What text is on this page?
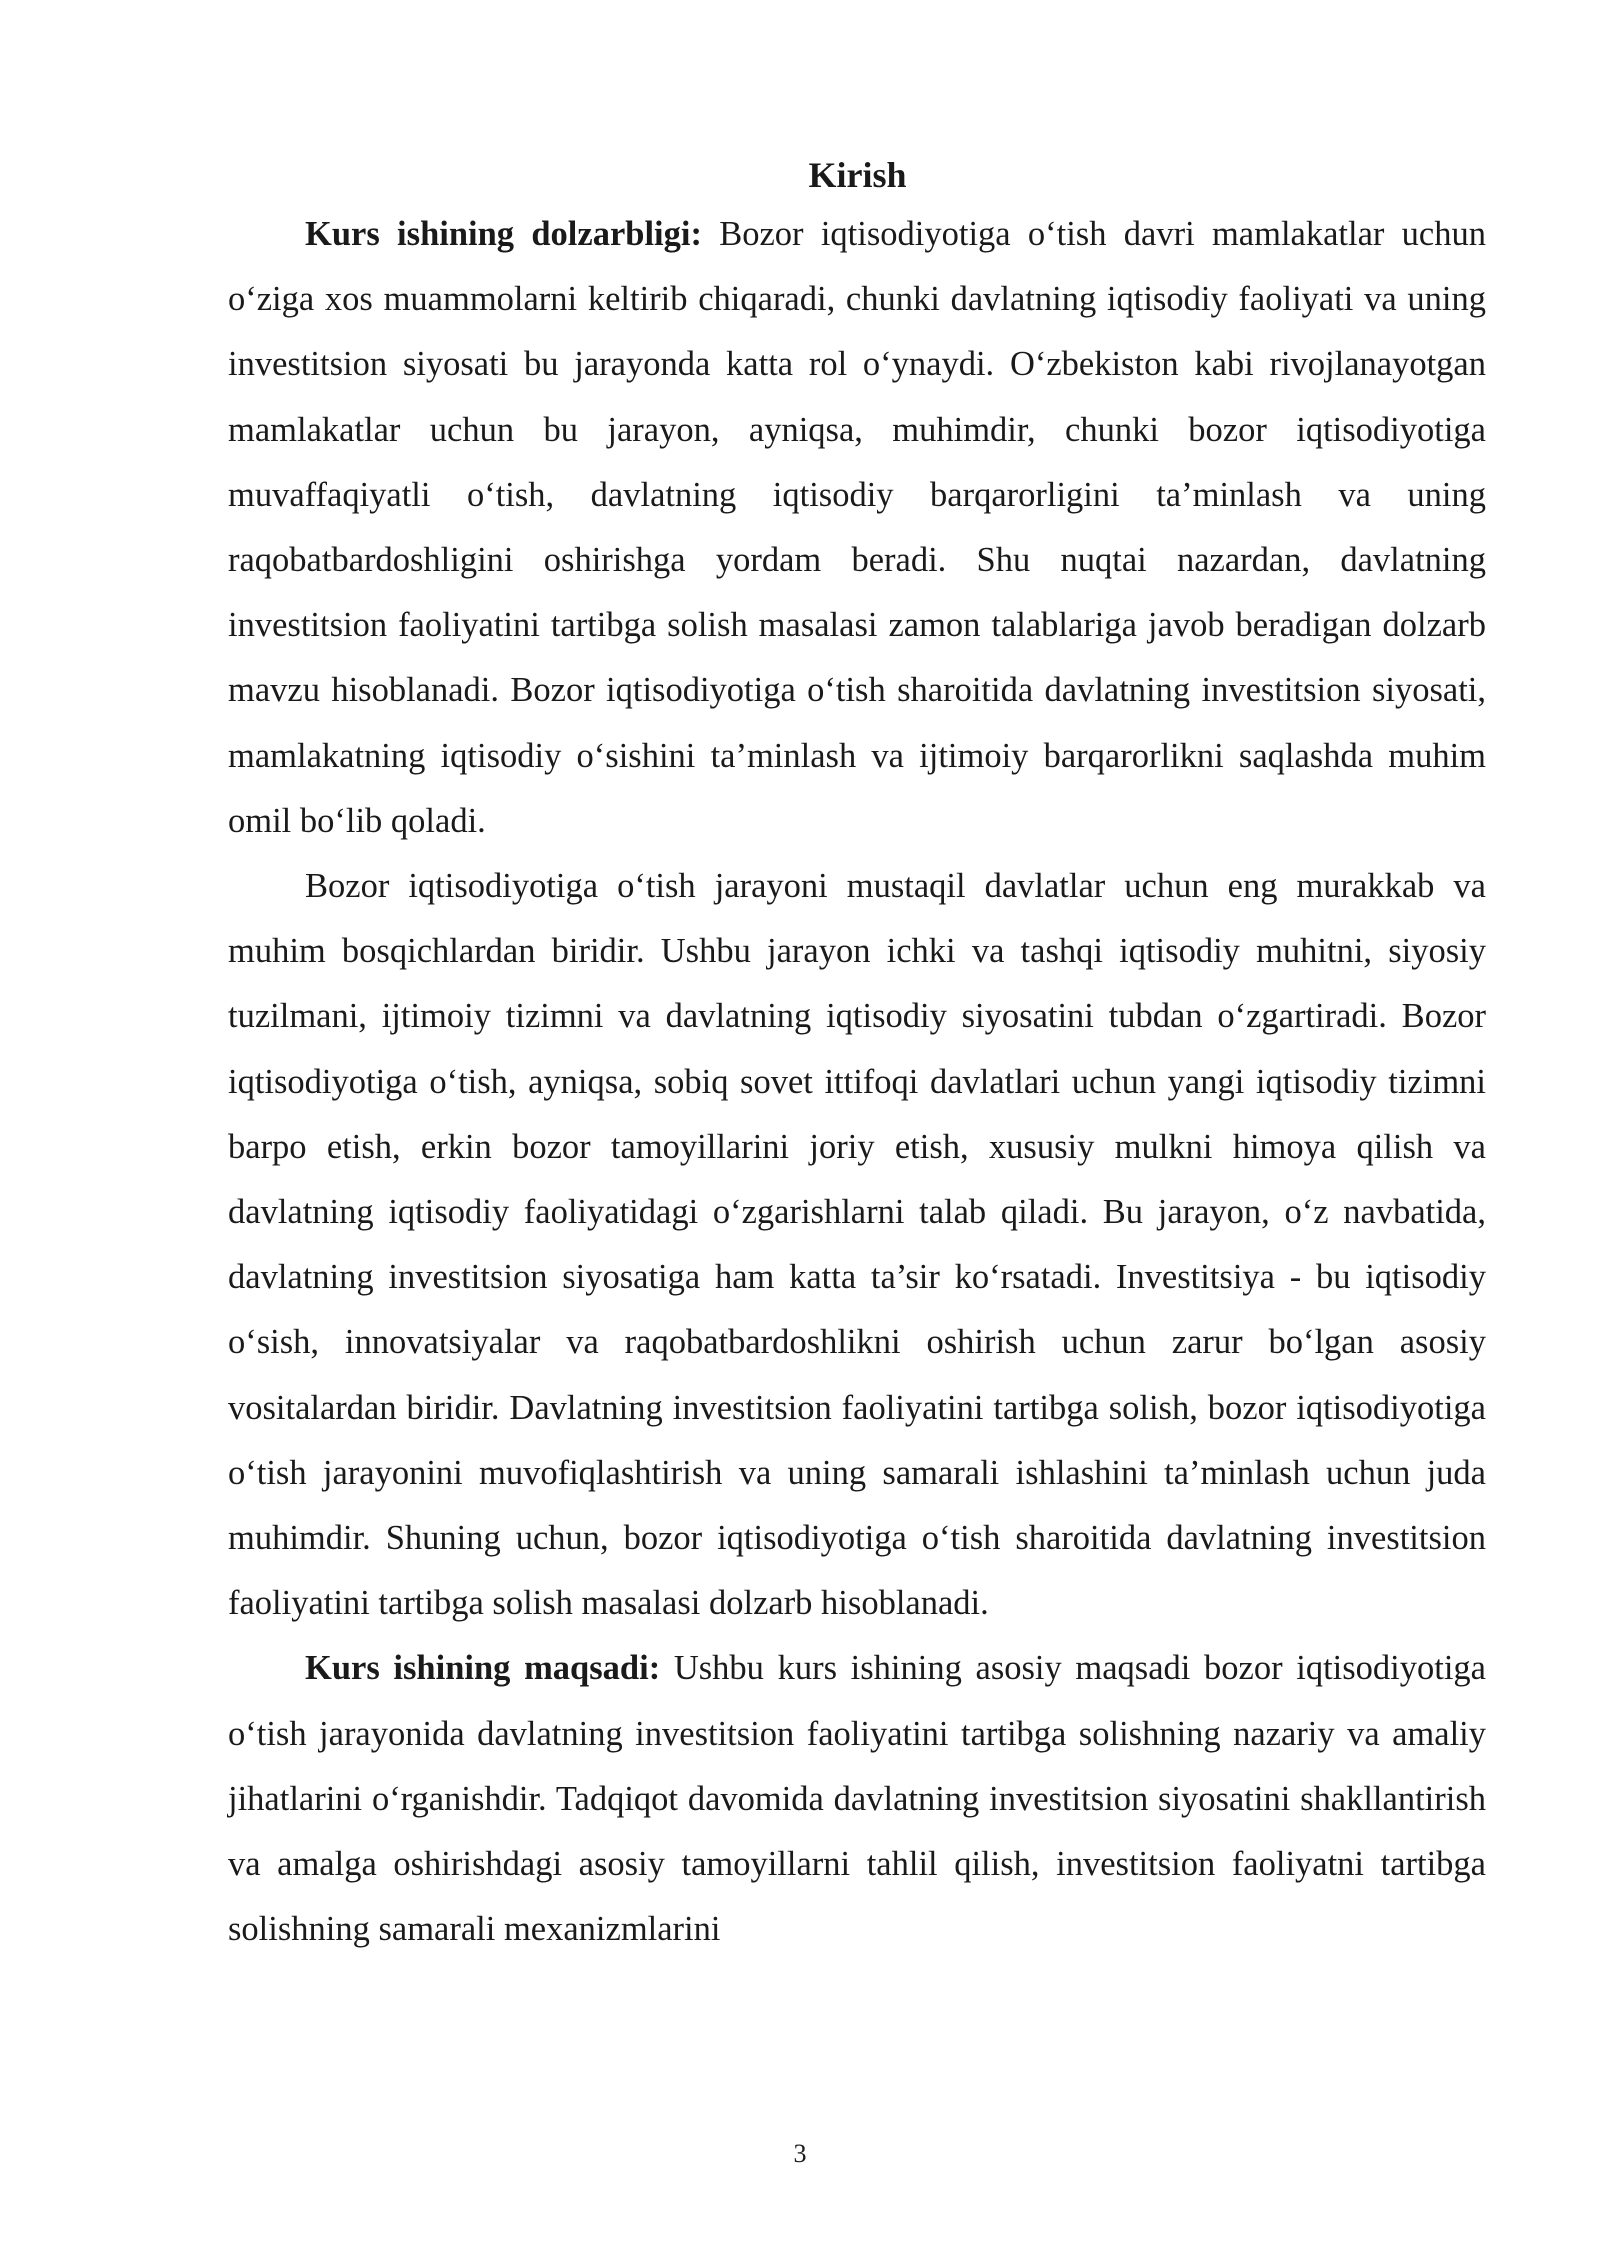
Kirish

Kurs ishining dolzarbligi: Bozor iqtisodiyotiga o‘tish davri mamlakatlar uchun o‘ziga xos muammolarni keltirib chiqaradi, chunki davlatning iqtisodiy faoliyati va uning investitsion siyosati bu jarayonda katta rol o‘ynaydi. O‘zbekiston kabi rivojlanayotgan mamlakatlar uchun bu jarayon, ayniqsa, muhimdir, chunki bozor iqtisodiyotiga muvaffaqiyatli o‘tish, davlatning iqtisodiy barqarorligini ta’minlash va uning raqobatbardoshligini oshirishga yordam beradi. Shu nuqtai nazardan, davlatning investitsion faoliyatini tartibga solish masalasi zamon talablariga javob beradigan dolzarb mavzu hisoblanadi. Bozor iqtisodiyotiga o‘tish sharoitida davlatning investitsion siyosati, mamlakatning iqtisodiy o‘sishini ta’minlash va ijtimoiy barqarorlikni saqlashda muhim omil bo‘lib qoladi.

Bozor iqtisodiyotiga o‘tish jarayoni mustaqil davlatlar uchun eng murakkab va muhim bosqichlardan biridir. Ushbu jarayon ichki va tashqi iqtisodiy muhitni, siyosiy tuzilmani, ijtimoiy tizimni va davlatning iqtisodiy siyosatini tubdan o‘zgartiradi. Bozor iqtisodiyotiga o‘tish, ayniqsa, sobiq sovet ittifoqi davlatlari uchun yangi iqtisodiy tizimni barpo etish, erkin bozor tamoyillarini joriy etish, xususiy mulkni himoya qilish va davlatning iqtisodiy faoliyatidagi o‘zgarishlarni talab qiladi. Bu jarayon, o‘z navbatida, davlatning investitsion siyosatiga ham katta ta’sir ko‘rsatadi. Investitsiya - bu iqtisodiy o‘sish, innovatsiyalar va raqobatbardoshlikni oshirish uchun zarur bo‘lgan asosiy vositalardan biridir. Davlatning investitsion faoliyatini tartibga solish, bozor iqtisodiyotiga o‘tish jarayonini muvofiqlashtirish va uning samarali ishlashini ta’minlash uchun juda muhimdir. Shuning uchun, bozor iqtisodiyotiga o‘tish sharoitida davlatning investitsion faoliyatini tartibga solish masalasi dolzarb hisoblanadi.

Kurs ishining maqsadi: Ushbu kurs ishining asosiy maqsadi bozor iqtisodiyotiga o‘tish jarayonida davlatning investitsion faoliyatini tartibga solishning nazariy va amaliy jihatlarini o‘rganishdir. Tadqiqot davomida davlatning investitsion siyosatini shakllantirish va amalga oshirishdagi asosiy tamoyillarni tahlil qilish, investitsion faoliyatni tartibga solishning samarali mexanizmlarini

3
